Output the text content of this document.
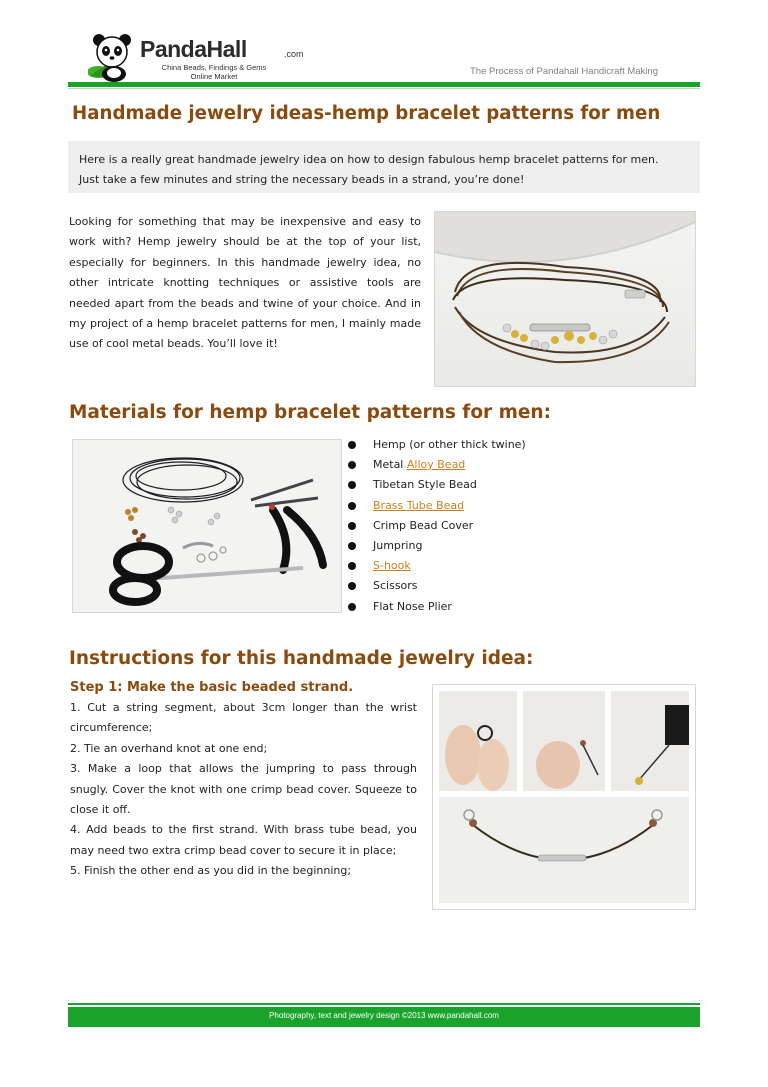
PandaHall	.com
China Beads, Findings & Gems
Online Market	The Process of Pandahall Handicraft Making
Handmade jewelry ideas-hemp bracelet patterns for men
Here is a really great handmade jewelry idea on how to design fabulous hemp bracelet patterns for men.
Just take a few minutes and string the necessary beads in a strand, you’re done!
Looking for something that may be inexpensive and easy to work with? Hemp jewelry should be at the top of your list, especially for beginners. In this handmade jewelry idea, no other intricate knotting techniques or assistive tools are needed apart from the beads and twine of your choice. And in my project of a hemp bracelet patterns for men, I mainly made use of cool metal beads. You’ll love it!
Materials for hemp bracelet patterns for men:
Hemp (or other thick twine)
Metal Alloy Bead
Tibetan Style Bead
Brass Tube Bead
Crimp Bead Cover
Jumpring
S-hook
Scissors
Flat Nose Plier
Instructions for this handmade jewelry idea:
Step 1: Make the basic beaded strand.

1. Cut a string segment, about 3cm longer than the wrist circumference;

2. Tie an overhand knot at one end;

3. Make a loop that allows the jumpring to pass through snugly. Cover the knot with one crimp bead cover. Squeeze to close it off.

4. Add beads to the first strand. With brass tube bead, you may need two extra crimp bead cover to secure it in place;

5. Finish the other end as you did in the beginning;

Photography, text and jewelry design ©2013 www.pandahall.com
